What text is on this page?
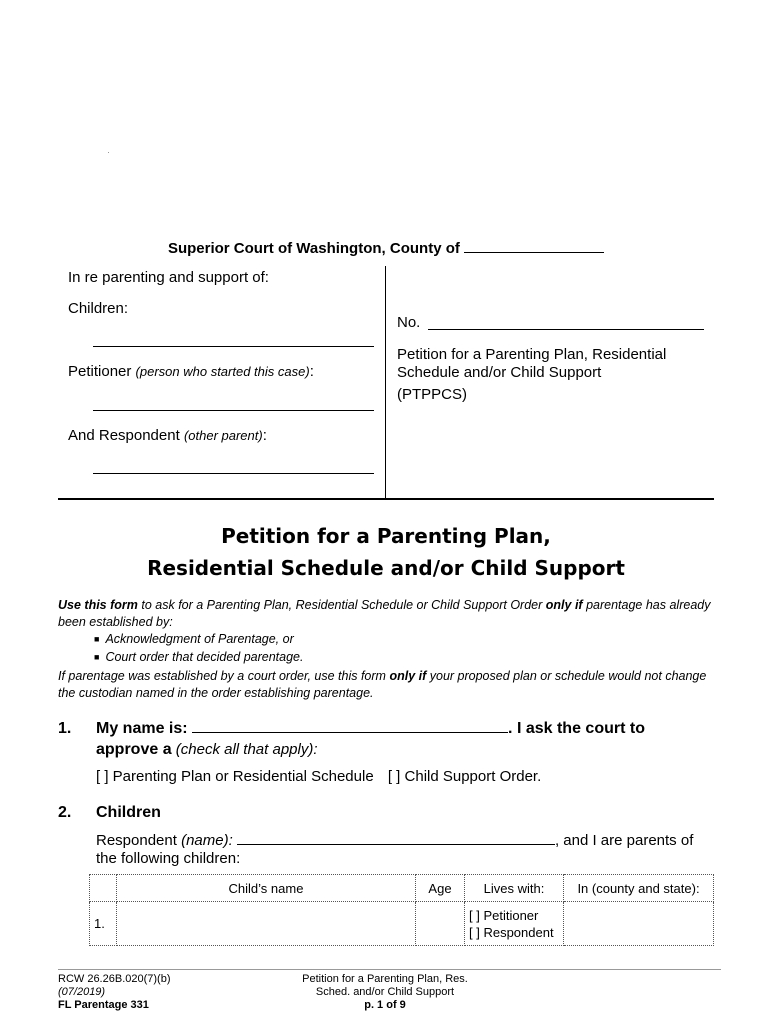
Superior Court of Washington, County of
In re parenting and support of:
Children:
Petitioner (person who started this case):
And Respondent (other parent):
No.
Petition for a Parenting Plan, Residential
Schedule and/or Child Support
(PTPPCS)
Petition for a Parenting Plan,
Residential Schedule and/or Child Support
Use this form to ask for a Parenting Plan, Residential Schedule or Child Support Order only if parentage has already been established by:
■ Acknowledgment of Parentage, or
■ Court order that decided parentage.
If parentage was established by a court order, use this form only if your proposed plan or schedule would not change the custodian named in the order establishing parentage.
1. My name is:	. I ask the court to
approve a (check all that apply):
[ ] Parenting Plan or Residential Schedule [ ] Child Support Order.
2. Children
Respondent (name):	, and I are parents of
the following children:
	Child’s name	Age	Lives with:	In (county and state):
1.			[ ] Petitioner
[ ] Respondent	

RCW 26.26B.020(7)(b)
(07/2019)
FL Parentage 331
Petition for a Parenting Plan, Res.
Sched. and/or Child Support
p. 1 of 9
